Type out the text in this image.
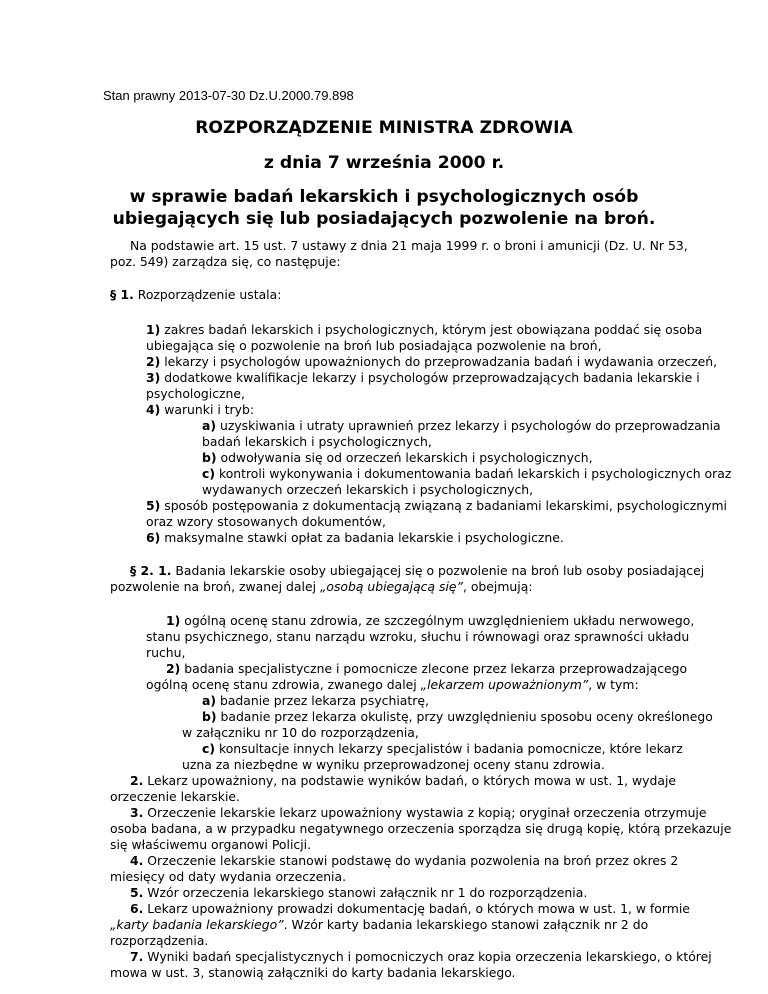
Stan prawny 2013-07-30 Dz.U.2000.79.898
ROZPORZĄDZENIE MINISTRA ZDROWIA
z dnia 7 września 2000 r.
w sprawie badań lekarskich i psychologicznych osób
ubiegających się lub posiadających pozwolenie na broń.
Na podstawie art. 15 ust. 7 ustawy z dnia 21 maja 1999 r. o broni i amunicji (Dz. U. Nr 53,
poz. 549) zarządza się, co następuje:
§ 1. Rozporządzenie ustala:
1) zakres badań lekarskich i psychologicznych, którym jest obowiązana poddać się osoba
ubiegająca się o pozwolenie na broń lub posiadająca pozwolenie na broń,
2) lekarzy i psychologów upoważnionych do przeprowadzania badań i wydawania orzeczeń,
3) dodatkowe kwalifikacje lekarzy i psychologów przeprowadzających badania lekarskie i
psychologiczne,
4) warunki i tryb:
a) uzyskiwania i utraty uprawnień przez lekarzy i psychologów do przeprowadzania
badań lekarskich i psychologicznych,
b) odwoływania się od orzeczeń lekarskich i psychologicznych,
c) kontroli wykonywania i dokumentowania badań lekarskich i psychologicznych oraz
wydawanych orzeczeń lekarskich i psychologicznych,
5) sposób postępowania z dokumentacją związaną z badaniami lekarskimi, psychologicznymi
oraz wzory stosowanych dokumentów,
6) maksymalne stawki opłat za badania lekarskie i psychologiczne.
§ 2. 1. Badania lekarskie osoby ubiegającej się o pozwolenie na broń lub osoby posiadającej
pozwolenie na broń, zwanej dalej „osobą ubiegającą się”, obejmują:
1) ogólną ocenę stanu zdrowia, ze szczególnym uwzględnieniem układu nerwowego,
stanu psychicznego, stanu narządu wzroku, słuchu i równowagi oraz sprawności układu
ruchu,
2) badania specjalistyczne i pomocnicze zlecone przez lekarza przeprowadzającego
ogólną ocenę stanu zdrowia, zwanego dalej „lekarzem upoważnionym”, w tym:
a) badanie przez lekarza psychiatrę,
b) badanie przez lekarza okulistę, przy uwzględnieniu sposobu oceny określonego
w załączniku nr 10 do rozporządzenia,
c) konsultacje innych lekarzy specjalistów i badania pomocnicze, które lekarz
uzna za niezbędne w wyniku przeprowadzonej oceny stanu zdrowia.
2. Lekarz upoważniony, na podstawie wyników badań, o których mowa w ust. 1, wydaje
orzeczenie lekarskie.
3. Orzeczenie lekarskie lekarz upoważniony wystawia z kopią; oryginał orzeczenia otrzymuje
osoba badana, a w przypadku negatywnego orzeczenia sporządza się drugą kopię, którą przekazuje
się właściwemu organowi Policji.
4. Orzeczenie lekarskie stanowi podstawę do wydania pozwolenia na broń przez okres 2
miesięcy od daty wydania orzeczenia.
5. Wzór orzeczenia lekarskiego stanowi załącznik nr 1 do rozporządzenia.
6. Lekarz upoważniony prowadzi dokumentację badań, o których mowa w ust. 1, w formie
„karty badania lekarskiego”. Wzór karty badania lekarskiego stanowi załącznik nr 2 do
rozporządzenia.
7. Wyniki badań specjalistycznych i pomocniczych oraz kopia orzeczenia lekarskiego, o której
mowa w ust. 3, stanowią załączniki do karty badania lekarskiego.
